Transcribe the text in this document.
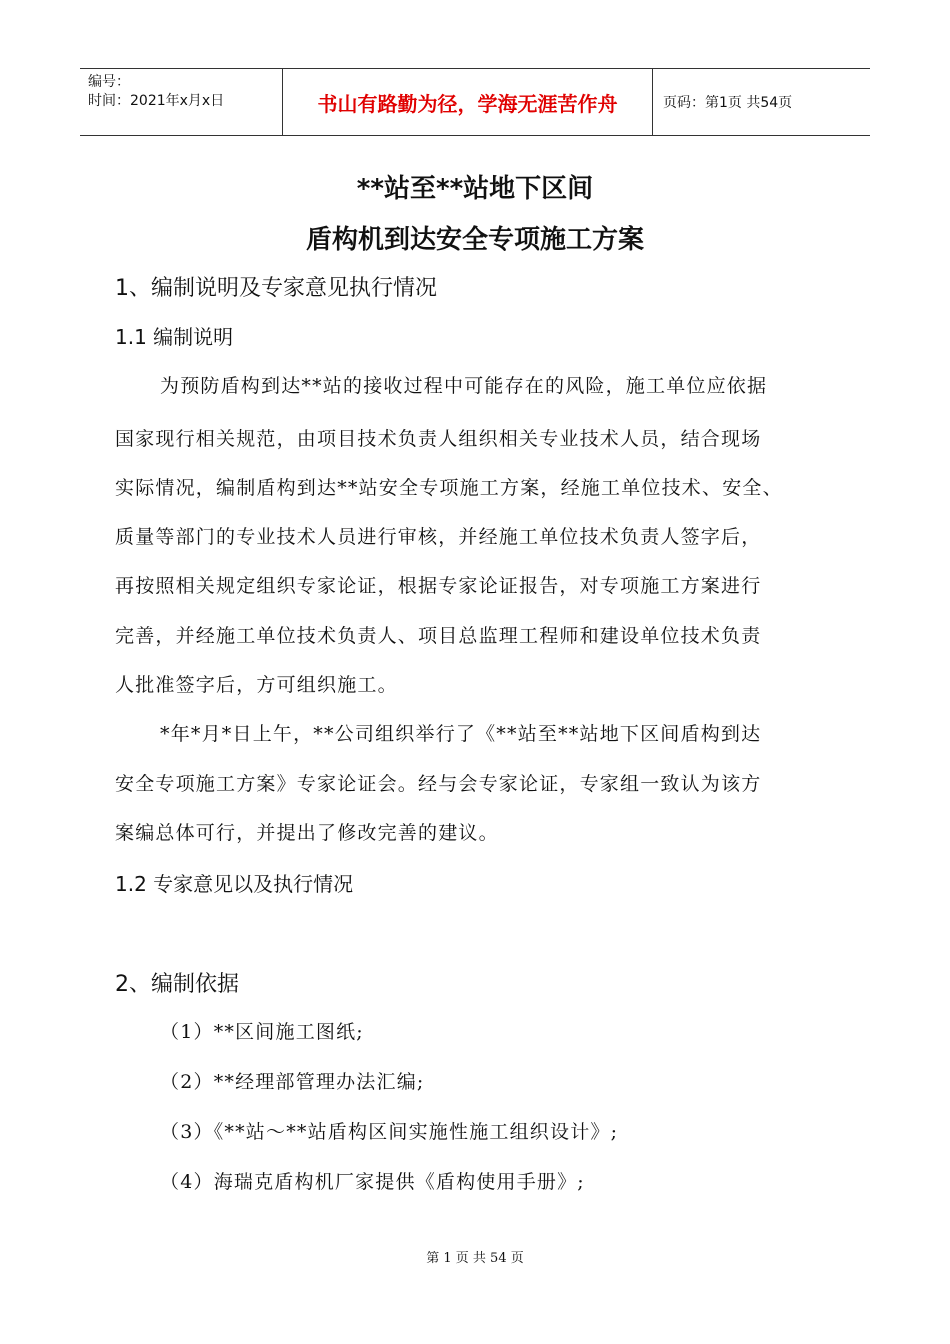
编号：
时间：2021年x月x日	书山有路勤为径，学海无涯苦作舟	页码：第1页 共54页
**站至**站地下区间
盾构机到达安全专项施工方案
1、编制说明及专家意见执行情况
1.1 编制说明
为预防盾构到达**站的接收过程中可能存在的风险，施工单位应依据
国家现行相关规范，由项目技术负责人组织相关专业技术人员，结合现场
实际情况，编制盾构到达**站安全专项施工方案，经施工单位技术、安全、
质量等部门的专业技术人员进行审核，并经施工单位技术负责人签字后，
再按照相关规定组织专家论证，根据专家论证报告，对专项施工方案进行
完善，并经施工单位技术负责人、项目总监理工程师和建设单位技术负责
人批准签字后，方可组织施工。
*年*月*日上午，**公司组织举行了《**站至**站地下区间盾构到达
安全专项施工方案》专家论证会。经与会专家论证，专家组一致认为该方
案编总体可行，并提出了修改完善的建议。
1.2 专家意见以及执行情况
2、编制依据
（1）**区间施工图纸;
（2）**经理部管理办法汇编;
（3）《**站～**站盾构区间实施性施工组织设计》;
（4）海瑞克盾构机厂家提供《盾构使用手册》;
第 1 页 共 54 页
